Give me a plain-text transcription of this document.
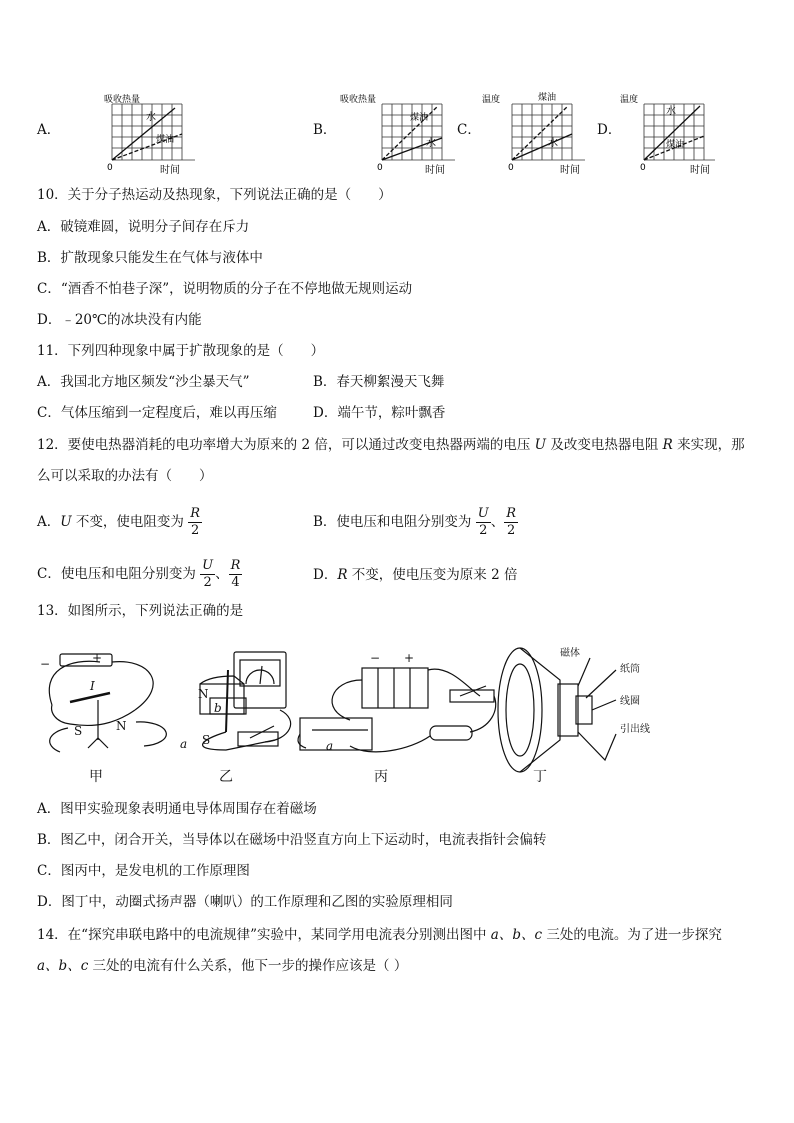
A．
吸收热量
0	时间
水
煤油
B．
吸收热量
0	时间
煤油
水
C．
温度
0	时间
煤油
水
D．
温度
0	时间
水
煤油
10．关于分子热运动及热现象，下列说法正确的是（　　）
A．破镜难圆，说明分子间存在斥力
B．扩散现象只能发生在气体与液体中
C．“酒香不怕巷子深”，说明物质的分子在不停地做无规则运动
D．﹣20℃的冰块没有内能
11．下列四种现象中属于扩散现象的是（　　）
A．我国北方地区频发“沙尘暴天气”	B．春天柳絮漫天飞舞
C．气体压缩到一定程度后，难以再压缩	D．端午节，粽叶飘香
12．要使电热器消耗的电功率增大为原来的 2 倍，可以通过改变电热器两端的电压 U 及改变电热器电阻 R 来实现，那
么可以采取的办法有（　　）
A．U 不变，使电阻变为 $\frac{R}{2}$	B．使电压和电阻分别变为 $\frac{U}{2}$ 、 $\frac{R}{2}$
C．使电压和电阻分别变为 $\frac{U}{2}$ 、 $\frac{R}{4}$	D．R 不变，使电压变为原来 2 倍
13．如图所示，下列说法正确的是
+
−
I
S	N
N
S
a
b
+
−
a
磁体
纸筒
线圈
引出线
甲	乙	丙	丁
A．图甲实验现象表明通电导体周围存在着磁场
B．图乙中，闭合开关，当导体以在磁场中沿竖直方向上下运动时，电流表指针会偏转
C．图丙中，是发电机的工作原理图
D．图丁中，动圈式扬声器（喇叭）的工作原理和乙图的实验原理相同
14．在“探究串联电路中的电流规律”实验中，某同学用电流表分别测出图中 a、b、c 三处的电流。为了进一步探究
a、b、c 三处的电流有什么关系，他下一步的操作应该是（ ）
